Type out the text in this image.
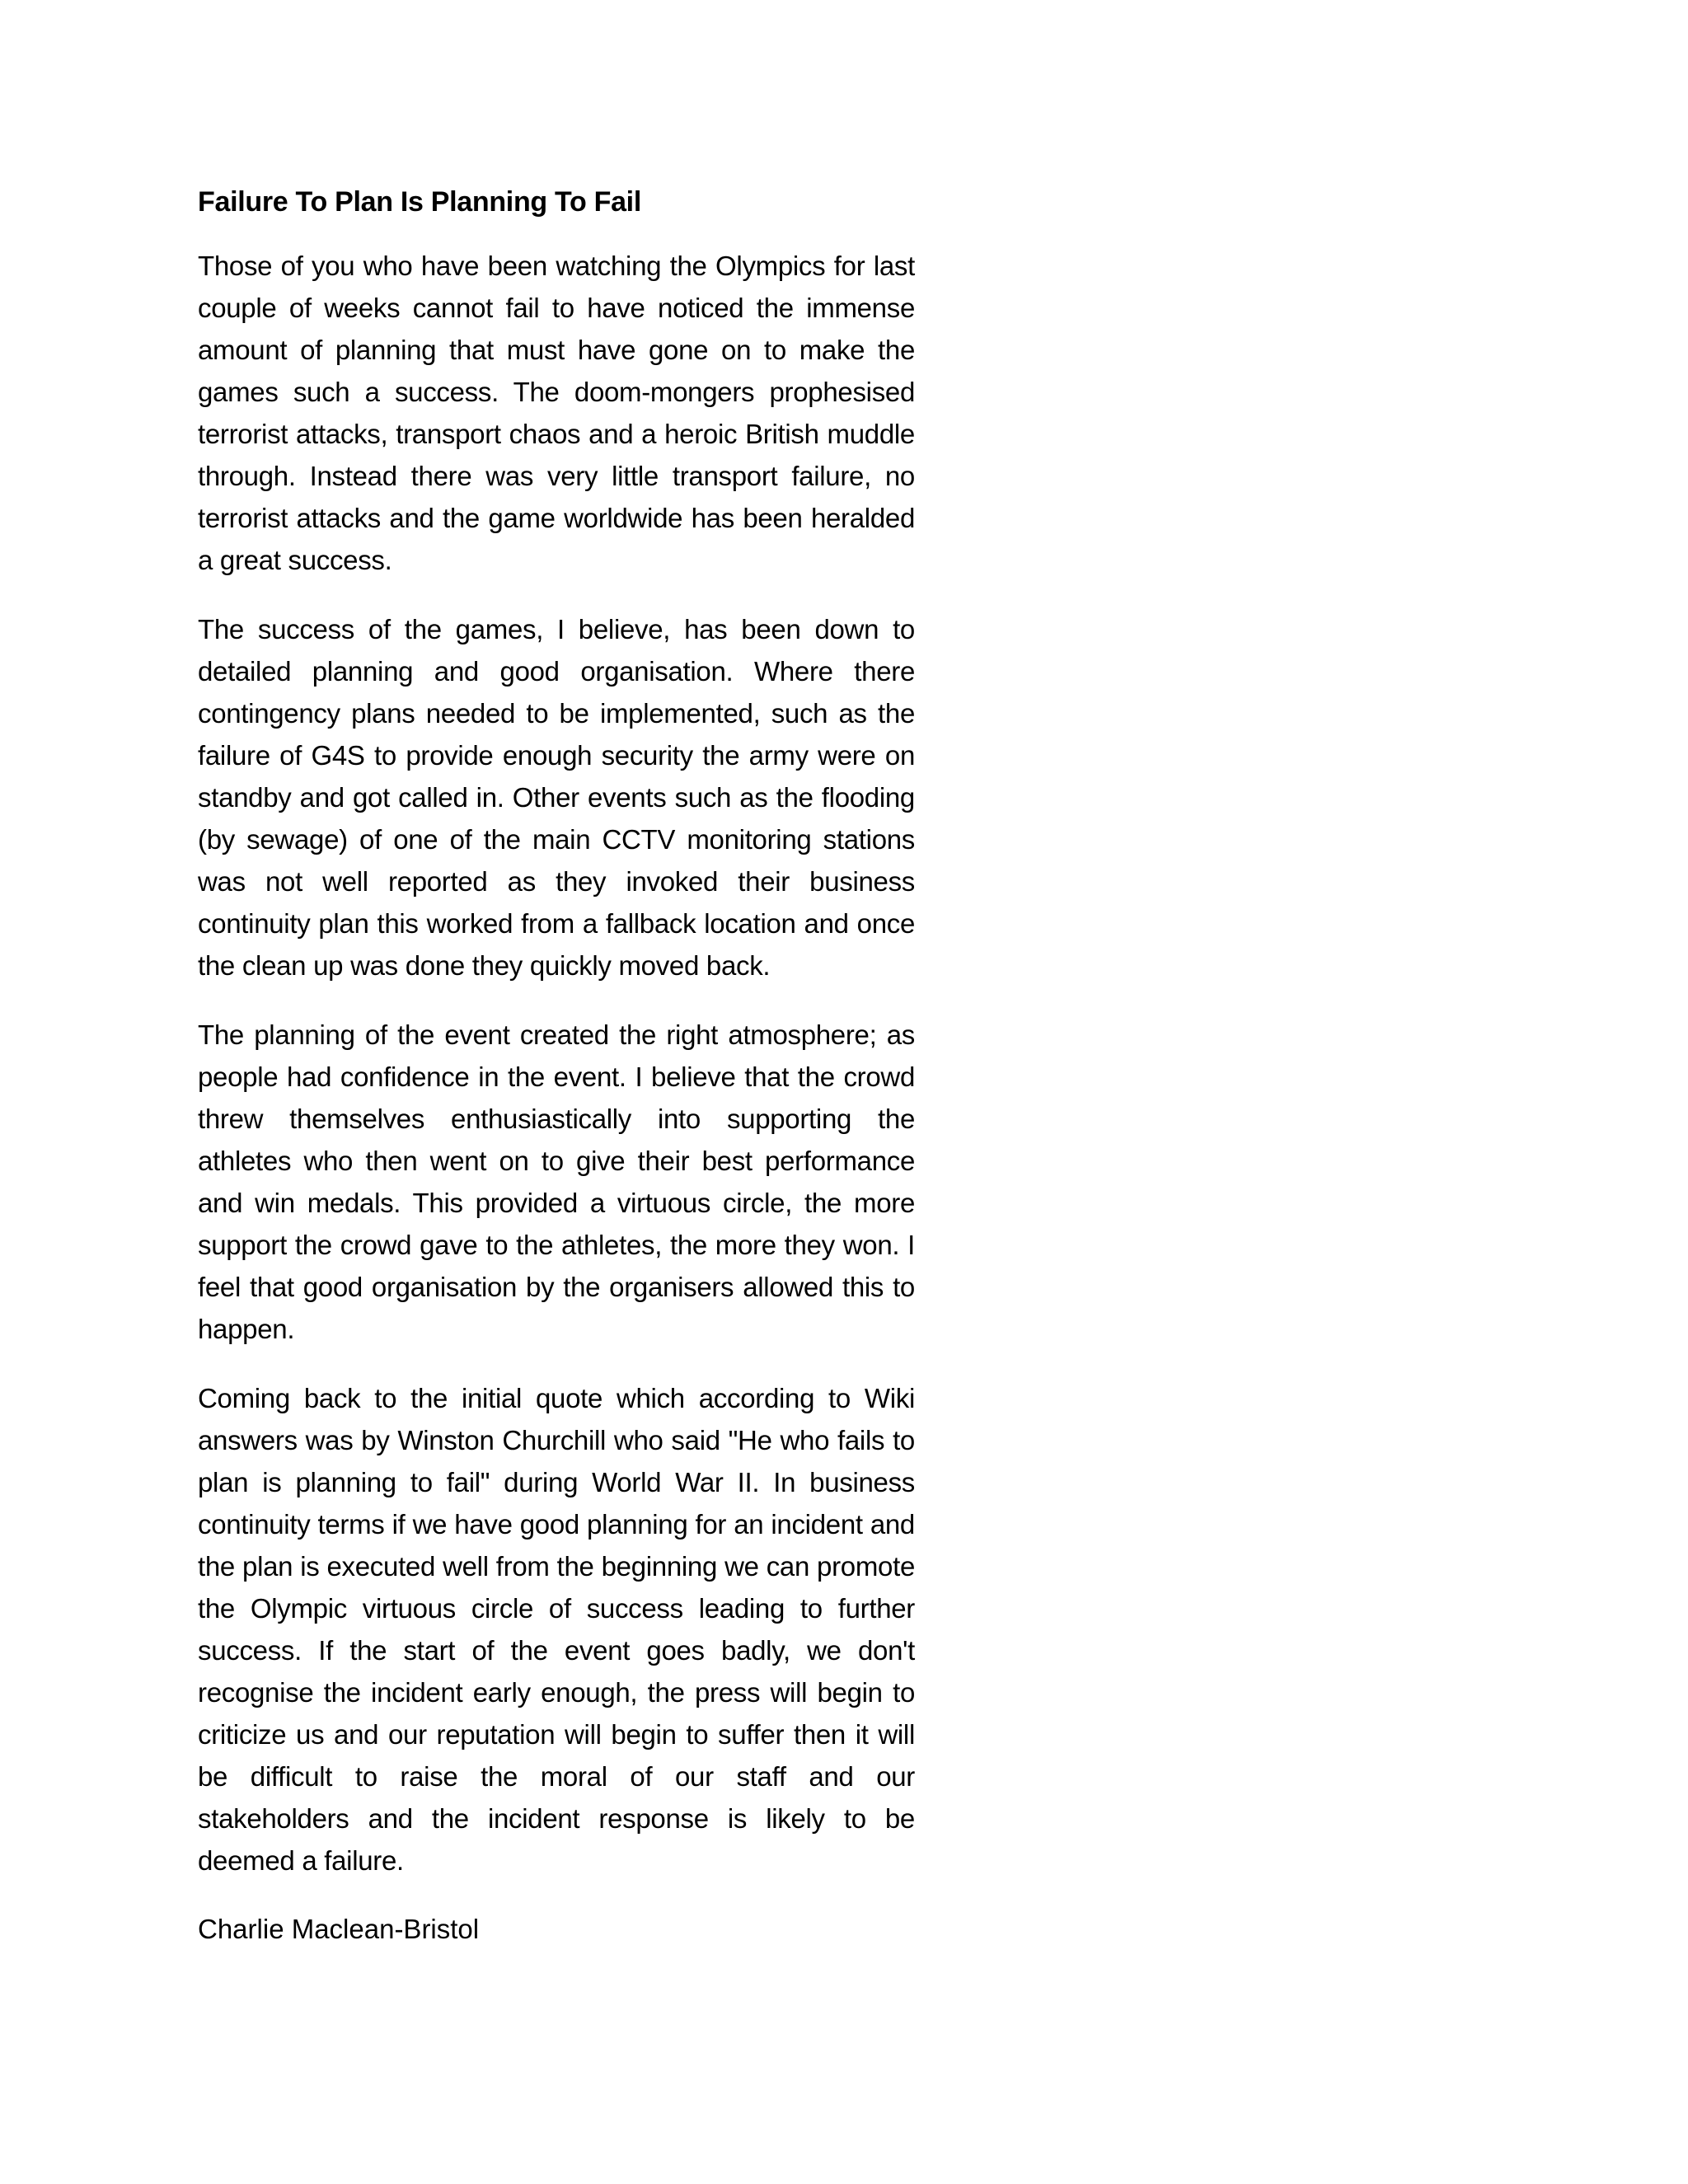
Failure To Plan Is Planning To Fail

Those of you who have been watching the Olympics for last couple of weeks cannot fail to have noticed the immense amount of planning that must have gone on to make the games such a success. The doom-mongers prophesised terrorist attacks, transport chaos and a heroic British muddle through. Instead there was very little transport failure, no terrorist attacks and the game worldwide has been heralded a great success.

The success of the games, I believe, has been down to detailed planning and good organisation. Where there contingency plans needed to be implemented, such as the failure of G4S to provide enough security the army were on standby and got called in. Other events such as the flooding (by sewage) of one of the main CCTV monitoring stations was not well reported as they invoked their business continuity plan this worked from a fallback location and once the clean up was done they quickly moved back.

The planning of the event created the right atmosphere; as people had confidence in the event. I believe that the crowd threw themselves enthusiastically into supporting the athletes who then went on to give their best performance and win medals. This provided a virtuous circle, the more support the crowd gave to the athletes, the more they won. I feel that good organisation by the organisers allowed this to happen.

Coming back to the initial quote which according to Wiki answers was by Winston Churchill who said "He who fails to plan is planning to fail" during World War II. In business continuity terms if we have good planning for an incident and the plan is executed well from the beginning we can promote the Olympic virtuous circle of success leading to further success. If the start of the event goes badly, we don't recognise the incident early enough, the press will begin to criticize us and our reputation will begin to suffer then it will be difficult to raise the moral of our staff and our stakeholders and the incident response is likely to be deemed a failure.

Charlie Maclean-Bristol
